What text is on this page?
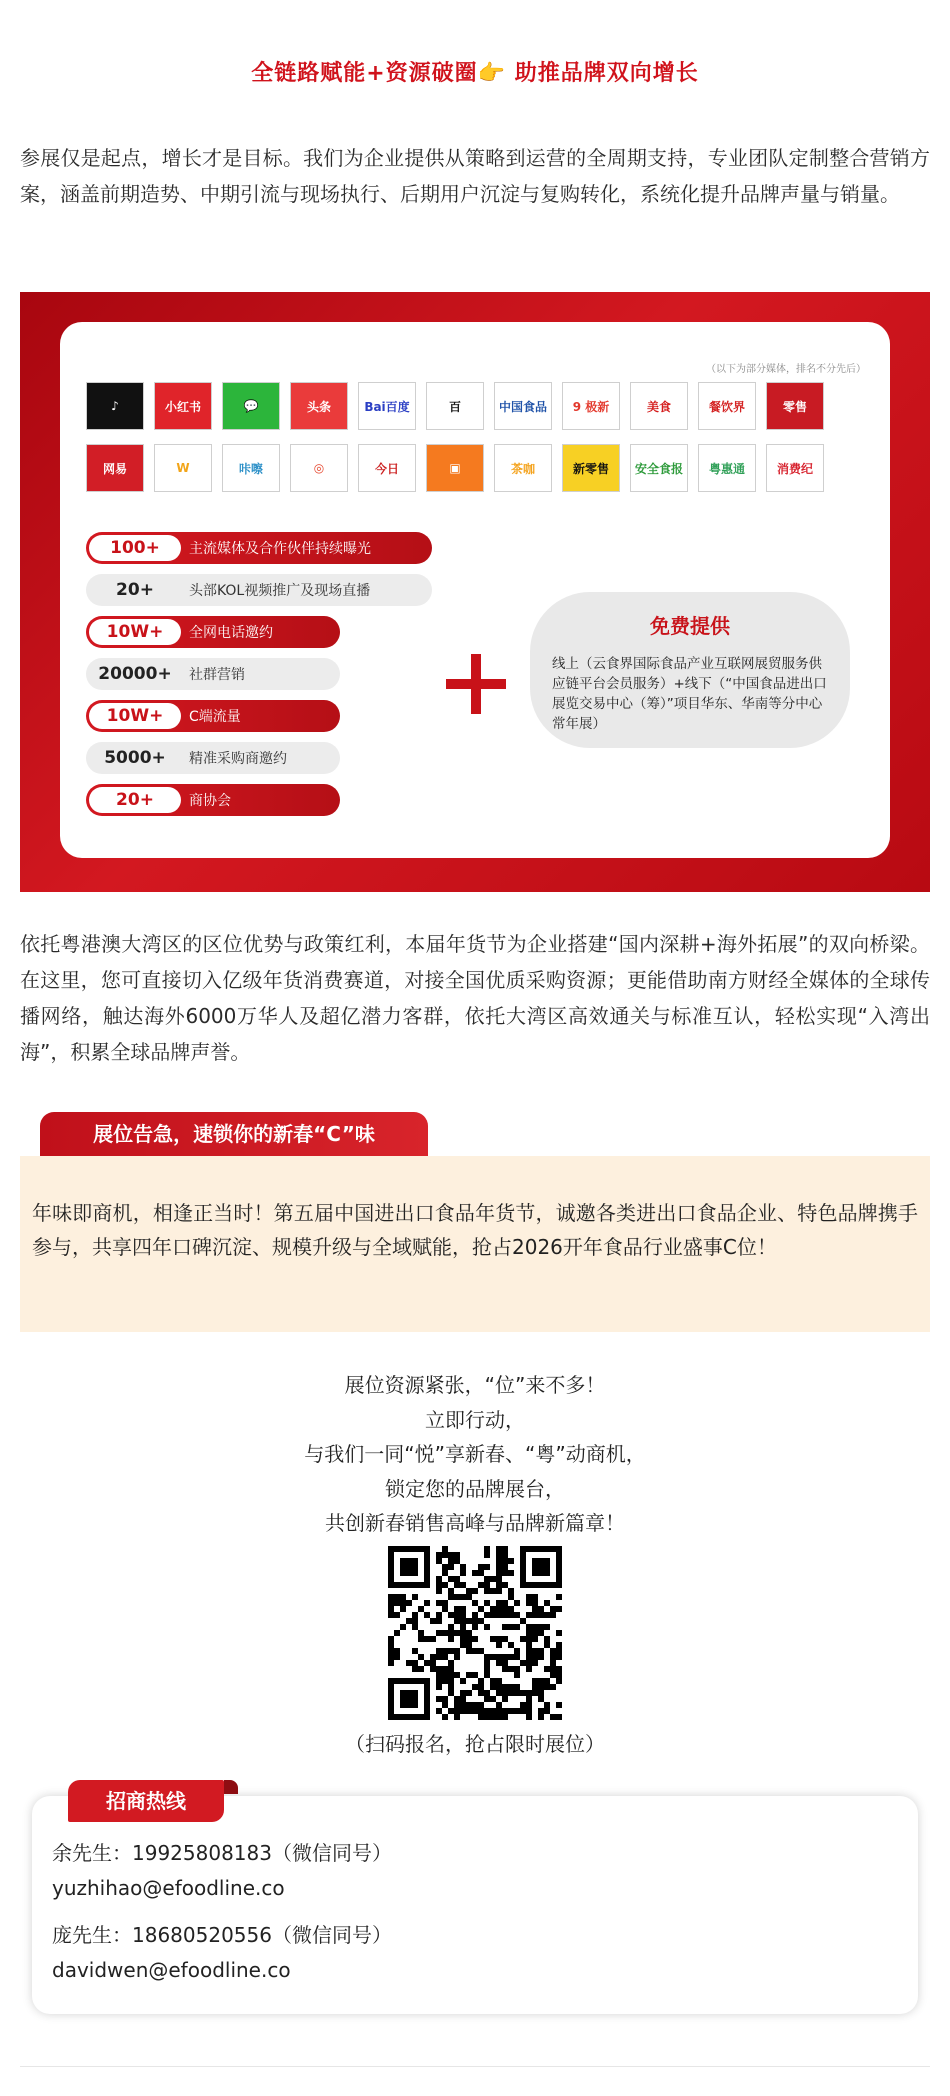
全链路赋能+资源破圈👉 助推品牌双向增长

参展仅是起点，增长才是目标。我们为企业提供从策略到运营的全周期支持，专业团队定制整合营销方案，涵盖前期造势、中期引流与现场执行、后期用户沉淀与复购转化，系统化提升品牌声量与销量。

（以下为部分媒体，排名不分先后）
♪	小红书	💬	头条	Bai百度	百	中国食品	9 极新	美食	餐饮界	零售
网易	W	咔嚓	◎	今日	▣	茶咖	新零售	安全食报	粤惠通	消费纪
100+	主流媒体及合作伙伴持续曝光
20+	头部KOL视频推广及现场直播
10W+	全网电话邀约
20000+	社群营销
10W+	C端流量
5000+	精准采购商邀约
20+	商协会
免费提供

线上（云食界国际食品产业互联网展贸服务供应链平台会员服务）+线下（“中国食品进出口展览交易中心（筹）”项目华东、华南等分中心常年展）

依托粤港澳大湾区的区位优势与政策红利，本届年货节为企业搭建“国内深耕+海外拓展”的双向桥梁。在这里，您可直接切入亿级年货消费赛道，对接全国优质采购资源；更能借助南方财经全媒体的全球传播网络，触达海外6000万华人及超亿潜力客群，依托大湾区高效通关与标准互认，轻松实现“入湾出海”，积累全球品牌声誉。

展位告急，速锁你的新春“C”味

年味即商机，相逢正当时！第五届中国进出口食品年货节，诚邀各类进出口食品企业、特色品牌携手参与，共享四年口碑沉淀、规模升级与全域赋能，抢占2026开年食品行业盛事C位！

展位资源紧张，“位”来不多！
立即行动，
与我们一同“悦”享新春、“粤”动商机，
锁定您的品牌展台，
共创新春销售高峰与品牌新篇章！
（扫码报名，抢占限时展位）
招商热线
余先生：19925808183（微信同号）
yuzhihao@efoodline.co
庞先生：18680520556（微信同号）
davidwen@efoodline.co
